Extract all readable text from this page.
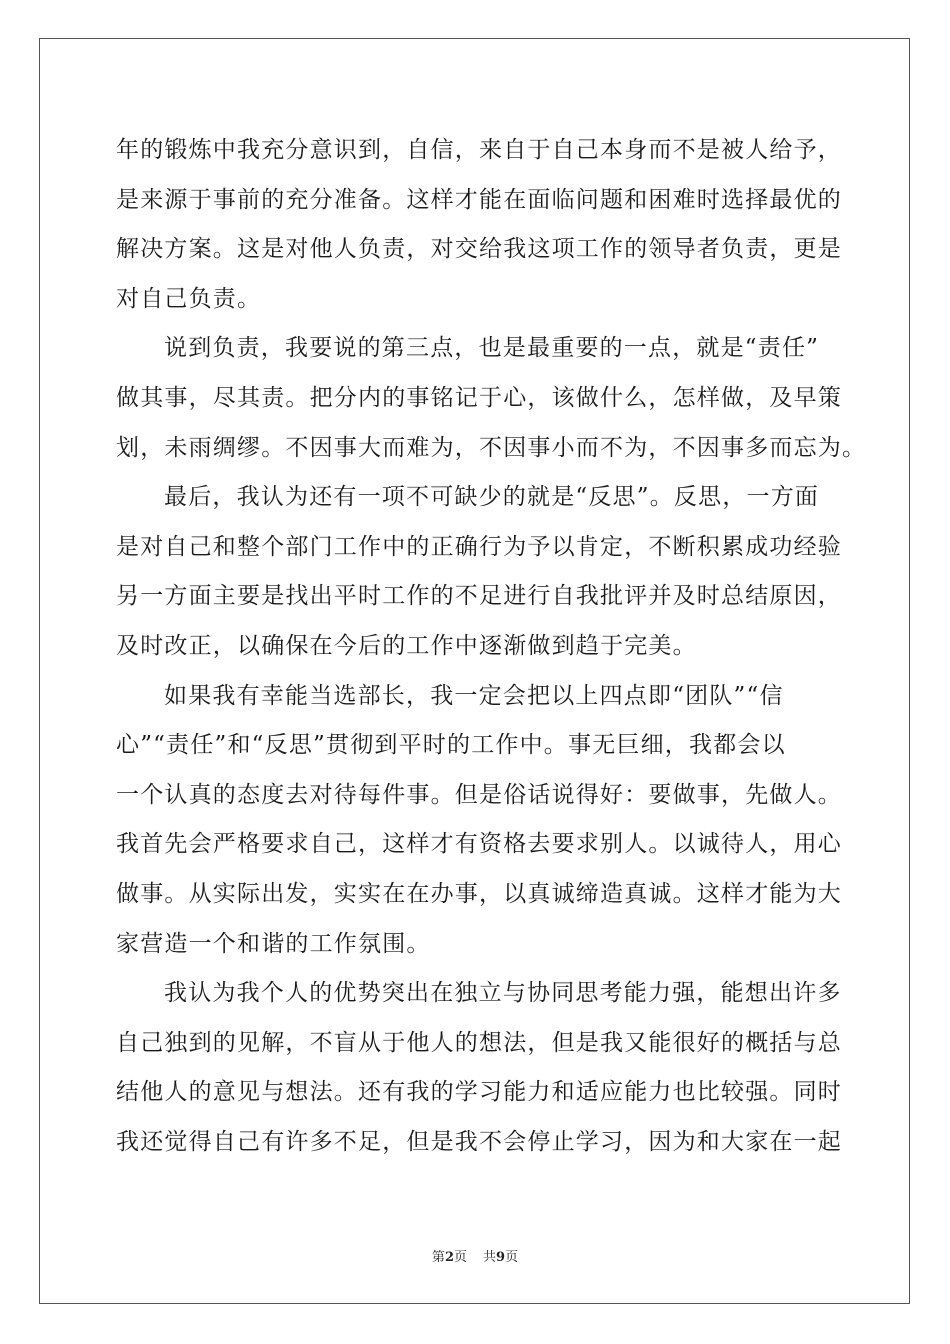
年的锻炼中我充分意识到，自信，来自于自己本身而不是被人给予，
是来源于事前的充分准备。这样才能在面临问题和困难时选择最优的
解决方案。这是对他人负责，对交给我这项工作的领导者负责，更是
对自己负责。
说到负责，我要说的第三点，也是最重要的一点，就是“责任”
做其事，尽其责。把分内的事铭记于心，该做什么，怎样做，及早策
划，未雨绸缪。不因事大而难为，不因事小而不为，不因事多而忘为。
最后，我认为还有一项不可缺少的就是“反思”。反思，一方面
是对自己和整个部门工作中的正确行为予以肯定，不断积累成功经验
另一方面主要是找出平时工作的不足进行自我批评并及时总结原因，
及时改正，以确保在今后的工作中逐渐做到趋于完美。
如果我有幸能当选部长，我一定会把以上四点即“团队”“信
心”“责任”和“反思”贯彻到平时的工作中。事无巨细，我都会以
一个认真的态度去对待每件事。但是俗话说得好：要做事，先做人。
我首先会严格要求自己，这样才有资格去要求别人。以诚待人，用心
做事。从实际出发，实实在在办事，以真诚缔造真诚。这样才能为大
家营造一个和谐的工作氛围。
我认为我个人的优势突出在独立与协同思考能力强，能想出许多
自己独到的见解，不盲从于他人的想法，但是我又能很好的概括与总
结他人的意见与想法。还有我的学习能力和适应能力也比较强。同时
我还觉得自己有许多不足，但是我不会停止学习，因为和大家在一起
第2页 共9页
